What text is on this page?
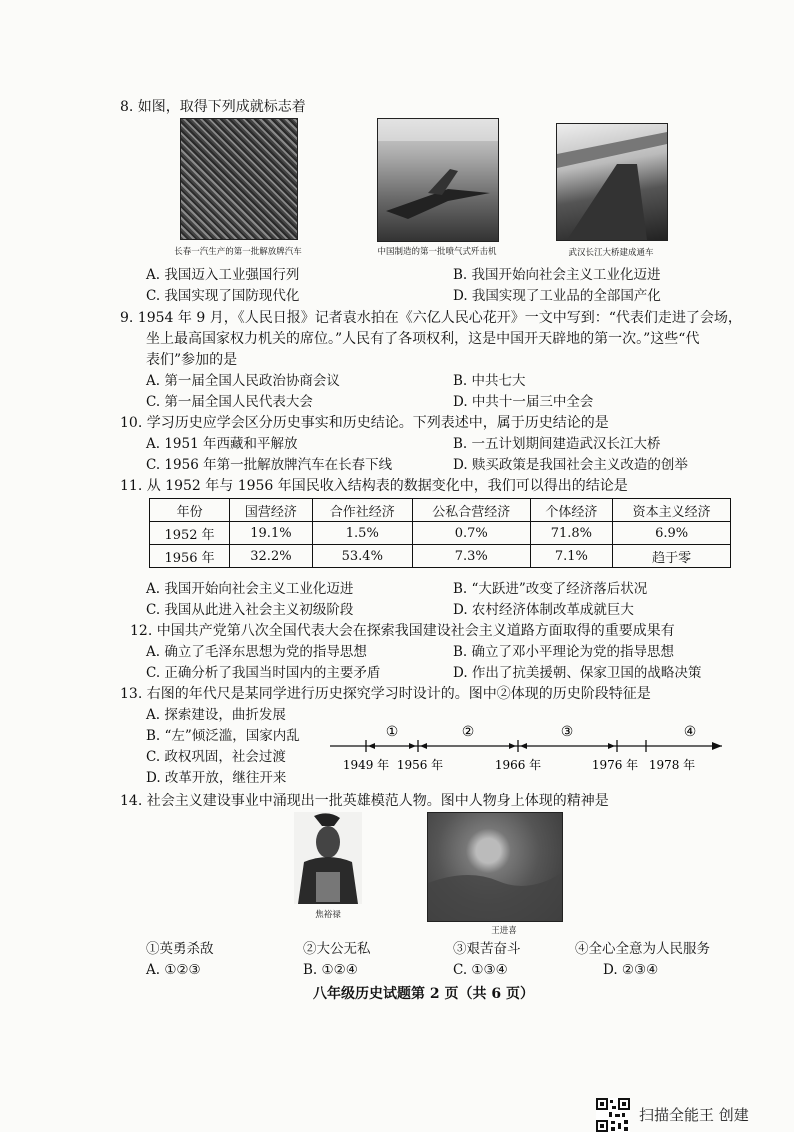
8. 如图，取得下列成就标志着
长春一汽生产的第一批解放牌汽车	中国制造的第一批喷气式歼击机	武汉长江大桥建成通车
A. 我国迈入工业强国行列	B. 我国开始向社会主义工业化迈进
C. 我国实现了国防现代化	D. 我国实现了工业品的全部国产化
9. 1954 年 9 月，《人民日报》记者袁水拍在《六亿人民心花开》一文中写到：“代表们走进了会场，
坐上最高国家权力机关的席位。”人民有了各项权利，这是中国开天辟地的第一次。”这些“代
表们”参加的是
A. 第一届全国人民政治协商会议	B. 中共七大
C. 第一届全国人民代表大会	D. 中共十一届三中全会
10. 学习历史应学会区分历史事实和历史结论。下列表述中，属于历史结论的是
A. 1951 年西藏和平解放	B. 一五计划期间建造武汉长江大桥
C. 1956 年第一批解放牌汽车在长春下线	D. 赎买政策是我国社会主义改造的创举
11. 从 1952 年与 1956 年国民收入结构表的数据变化中，我们可以得出的结论是
年份	国营经济	合作社经济	公私合营经济	个体经济	资本主义经济
1952 年	19.1%	1.5%	0.7%	71.8%	6.9%
1956 年	32.2%	53.4%	7.3%	7.1%	趋于零
A. 我国开始向社会主义工业化迈进	B. “大跃进”改变了经济落后状况
C. 我国从此进入社会主义初级阶段	D. 农村经济体制改革成就巨大
12. 中国共产党第八次全国代表大会在探索我国建设社会主义道路方面取得的重要成果有
A. 确立了毛泽东思想为党的指导思想	B. 确立了邓小平理论为党的指导思想
C. 正确分析了我国当时国内的主要矛盾	D. 作出了抗美援朝、保家卫国的战略决策
13. 右图的年代尺是某同学进行历史探究学习时设计的。图中②体现的历史阶段特征是
A. 探索建设，曲折发展
B. “左”倾泛滥，国家内乱
C. 政权巩固，社会过渡
D. 改革开放，继往开来
①	②	③	④
1949 年 1956 年	1966 年	1976 年 1978 年
14. 社会主义建设事业中涌现出一批英雄模范人物。图中人物身上体现的精神是
焦裕禄
王进喜
①英勇杀敌	②大公无私	③艰苦奋斗	④全心全意为人民服务
A. ①②③	B. ①②④	C. ①③④	D. ②③④
八年级历史试题第 2 页（共 6 页）
扫描全能王 创建
